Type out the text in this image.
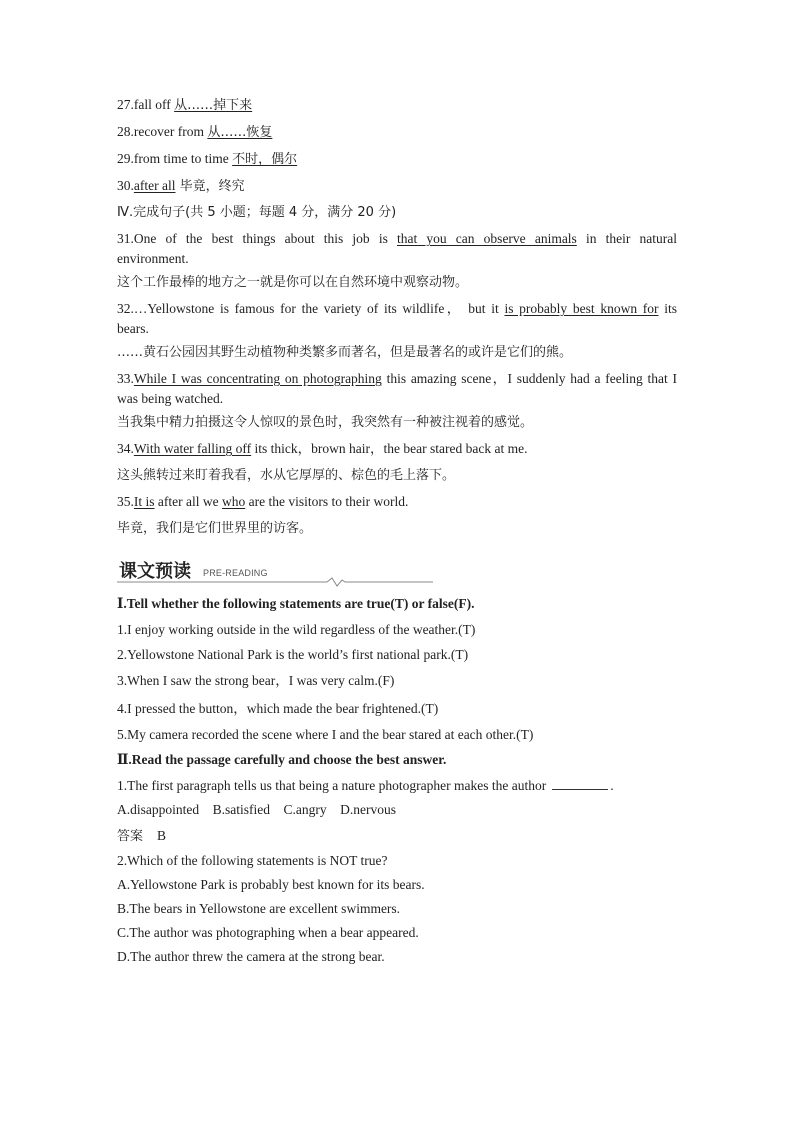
27.fall off 从……掉下来

28.recover from 从……恢复

29.from time to time 不时，偶尔

30.after all 毕竟，终究

Ⅳ.完成句子(共 5 小题；每题 4 分，满分 20 分)

31.One of the best things about this job is that you can observe animals in their natural

environment.

这个工作最棒的地方之一就是你可以在自然环境中观察动物。

32.…Yellowstone is famous for the variety of its wildlife， but it is probably best known for its

bears.

……黄石公园因其野生动植物种类繁多而著名，但是最著名的或许是它们的熊。

33.While I was concentrating on photographing this amazing scene，I suddenly had a feeling that I

was being watched.

当我集中精力拍摄这令人惊叹的景色时，我突然有一种被注视着的感觉。

34.With water falling off its thick，brown hair，the bear stared back at me.

这头熊转过来盯着我看，水从它厚厚的、棕色的毛上落下。

35.It is after all we who are the visitors to their world.

毕竟，我们是它们世界里的访客。

课文预读 PRE-READING

Ⅰ.Tell whether the following statements are true(T) or false(F).

1.I enjoy working outside in the wild regardless of the weather.(T)

2.Yellowstone National Park is the world’s first national park.(T)

3.When I saw the strong bear，I was very calm.(F)

4.I pressed the button，which made the bear frightened.(T)

5.My camera recorded the scene where I and the bear stared at each other.(T)

Ⅱ.Read the passage carefully and choose the best answer.

1.The first paragraph tells us that being a nature photographer makes the author	.

A.disappointed    B.satisfied    C.angry    D.nervous

答案 B

2.Which of the following statements is NOT true?

A.Yellowstone Park is probably best known for its bears.

B.The bears in Yellowstone are excellent swimmers.

C.The author was photographing when a bear appeared.

D.The author threw the camera at the strong bear.
